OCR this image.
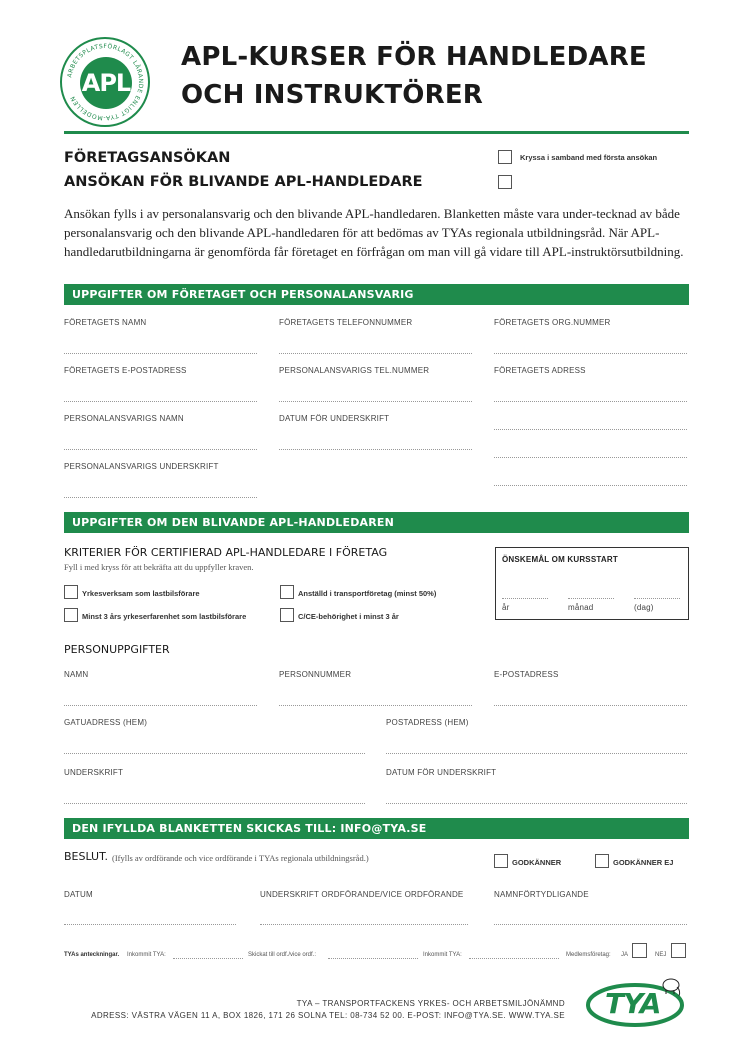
ARBETSPLATSFÖRLAGT LÄRANDE ENLIGT TYA-MODELLEN
APL
APL-KURSER FÖR HANDLEDARE
OCH INSTRUKTÖRER
FÖRETAGSANSÖKAN
ANSÖKAN FÖR BLIVANDE APL-HANDLEDARE
Kryssa i samband med första ansökan
Ansökan fylls i av personalansvarig och den blivande APL-handledaren. Blanketten måste vara under-tecknad av både personalansvarig och den blivande APL-handledaren för att bedömas av TYAs regionala utbildningsråd. När APL-handledarutbildningarna är genomförda får företaget en förfrågan om man vill gå vidare till APL-instruktörsutbildning.
UPPGIFTER OM FÖRETAGET OCH PERSONALANSVARIG
FÖRETAGETS NAMN	FÖRETAGETS TELEFONNUMMER	FÖRETAGETS ORG.NUMMER
FÖRETAGETS E-POSTADRESS	PERSONALANSVARIGS TEL.NUMMER	FÖRETAGETS ADRESS
PERSONALANSVARIGS NAMN	DATUM FÖR UNDERSKRIFT
PERSONALANSVARIGS UNDERSKRIFT
UPPGIFTER OM DEN BLIVANDE APL-HANDLEDAREN
KRITERIER FÖR CERTIFIERAD APL-HANDLEDARE I FÖRETAG
Fyll i med kryss för att bekräfta att du uppfyller kraven.
Yrkesverksam som lastbilsförare	Anställd i transportföretag (minst 50%)
Minst 3 års yrkeserfarenhet som lastbilsförare	C/CE-behörighet i minst 3 år
ÖNSKEMÅL OM KURSSTART
år	månad	(dag)
PERSONUPPGIFTER
NAMN	PERSONNUMMER	E-POSTADRESS
GATUADRESS (HEM)	POSTADRESS (HEM)
UNDERSKRIFT	DATUM FÖR UNDERSKRIFT
DEN IFYLLDA BLANKETTEN SKICKAS TILL: INFO@TYA.SE
BESLUT. (Ifylls av ordförande och vice ordförande i TYAs regionala utbildningsråd.)	GODKÄNNER	GODKÄNNER EJ
DATUM	UNDERSKRIFT ORDFÖRANDE/VICE ORDFÖRANDE	NAMNFÖRTYDLIGANDE
TYAs anteckningar. Inkommit TYA:	Skickat till ordf./vice ordf.:	Inkommit TYA:	Medlemsföretag: JA	NEJ
TYA – TRANSPORTFACKENS YRKES- OCH ARBETSMILJÖNÄMND
ADRESS: VÄSTRA VÄGEN 11 A, BOX 1826, 171 26 SOLNA TEL: 08-734 52 00. E-POST: INFO@TYA.SE. WWW.TYA.SE TYA
